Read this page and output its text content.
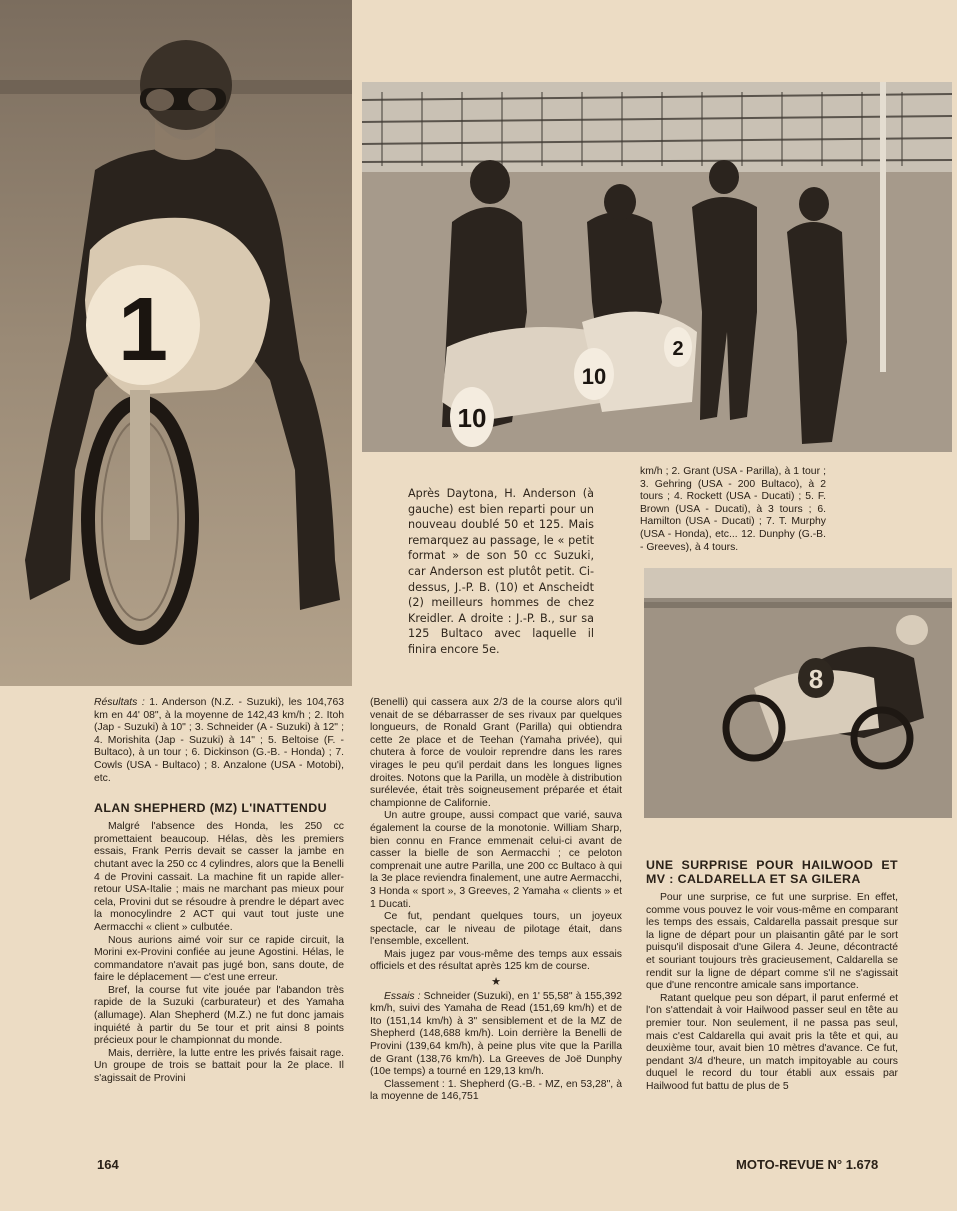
1
10
10
2
8
Après Daytona, H. Anderson (à gauche) est bien reparti pour un nouveau doublé 50 et 125. Mais remarquez au passage, le « petit format » de son 50 cc Suzuki, car Anderson est plutôt petit. Ci-dessus, J.-P. B. (10) et Anscheidt (2) meilleurs hommes de chez Kreidler. A droite : J.-P. B., sur sa 125 Bultaco avec laquelle il finira encore 5e.

Résultats : 1. Anderson (N.Z. - Suzuki), les 104,763 km en 44' 08", à la moyenne de 142,43 km/h ; 2. Itoh (Jap - Suzuki) à 10" ; 3. Schneider (A - Suzuki) à 12" ; 4. Morishita (Jap - Suzuki) à 14" ; 5. Beltoise (F. - Bultaco), à un tour ; 6. Dickinson (G.-B. - Honda) ; 7. Cowls (USA - Bultaco) ; 8. Anzalone (USA - Motobi), etc.

ALAN SHEPHERD (MZ) L'INATTENDU

Malgré l'absence des Honda, les 250 cc promettaient beaucoup. Hélas, dès les premiers essais, Frank Perris devait se casser la jambe en chutant avec la 250 cc 4 cylindres, alors que la Benelli 4 de Provini cassait. La machine fit un rapide aller-retour USA-Italie ; mais ne marchant pas mieux pour cela, Provini dut se résoudre à prendre le départ avec la monocylindre 2 ACT qui vaut tout juste une Aermacchi « client » culbutée.

Nous aurions aimé voir sur ce rapide circuit, la Morini ex-Provini confiée au jeune Agostini. Hélas, le commandatore n'avait pas jugé bon, sans doute, de faire le déplacement — c'est une erreur.

Bref, la course fut vite jouée par l'abandon très rapide de la Suzuki (carburateur) et des Yamaha (allumage). Alan Shepherd (M.Z.) ne fut donc jamais inquiété à partir du 5e tour et prit ainsi 8 points précieux pour le championnat du monde.

Mais, derrière, la lutte entre les privés faisait rage. Un groupe de trois se battait pour la 2e place. Il s'agissait de Provini

(Benelli) qui cassera aux 2/3 de la course alors qu'il venait de se débarrasser de ses rivaux par quelques longueurs, de Ronald Grant (Parilla) qui obtiendra cette 2e place et de Teehan (Yamaha privée), qui chutera à force de vouloir reprendre dans les rares virages le peu qu'il perdait dans les longues lignes droites. Notons que la Parilla, un modèle à distribution surélevée, était très soigneusement préparée et était championne de Californie.

Un autre groupe, aussi compact que varié, sauva également la course de la monotonie. William Sharp, bien connu en France emmenait celui-ci avant de casser la bielle de son Aermacchi ; ce peloton comprenait une autre Parilla, une 200 cc Bultaco à qui la 3e place reviendra finalement, une autre Aermacchi, 3 Honda « sport », 3 Greeves, 2 Yamaha « clients » et 1 Ducati.

Ce fut, pendant quelques tours, un joyeux spectacle, car le niveau de pilotage était, dans l'ensemble, excellent.

Mais jugez par vous-même des temps aux essais officiels et des résultat après 125 km de course.

★

Essais : Schneider (Suzuki), en 1' 55,58" à 155,392 km/h, suivi des Yamaha de Read (151,69 km/h) et de Ito (151,14 km/h) à 3" sensiblement et de la MZ de Shepherd (148,688 km/h). Loin derrière la Benelli de Provini (139,64 km/h), à peine plus vite que la Parilla de Grant (138,76 km/h). La Greeves de Joë Dunphy (10e temps) a tourné en 129,13 km/h.

Classement : 1. Shepherd (G.-B. - MZ, en 53,28", à la moyenne de 146,751

km/h ; 2. Grant (USA - Parilla), à 1 tour ; 3. Gehring (USA - 200 Bultaco), à 2 tours ; 4. Rockett (USA - Ducati) ; 5. F. Brown (USA - Ducati), à 3 tours ; 6. Hamilton (USA - Ducati) ; 7. T. Murphy (USA - Honda), etc... 12. Dunphy (G.-B. - Greeves), à 4 tours.

UNE SURPRISE POUR HAILWOOD ET MV : CALDARELLA ET SA GILERA

Pour une surprise, ce fut une surprise. En effet, comme vous pouvez le voir vous-même en comparant les temps des essais, Caldarella passait presque sur la ligne de départ pour un plaisantin gâté par le sort puisqu'il disposait d'une Gilera 4. Jeune, décontracté et souriant toujours très gracieusement, Caldarella se rendit sur la ligne de départ comme s'il ne s'agissait que d'une rencontre amicale sans importance.

Ratant quelque peu son départ, il parut enfermé et l'on s'attendait à voir Hailwood passer seul en tête au premier tour. Non seulement, il ne passa pas seul, mais c'est Caldarella qui avait pris la tête et qui, au deuxième tour, avait bien 10 mètres d'avance. Ce fut, pendant 3/4 d'heure, un match impitoyable au cours duquel le record du tour établi aux essais par Hailwood fut battu de plus de 5

164	MOTO-REVUE N° 1.678
